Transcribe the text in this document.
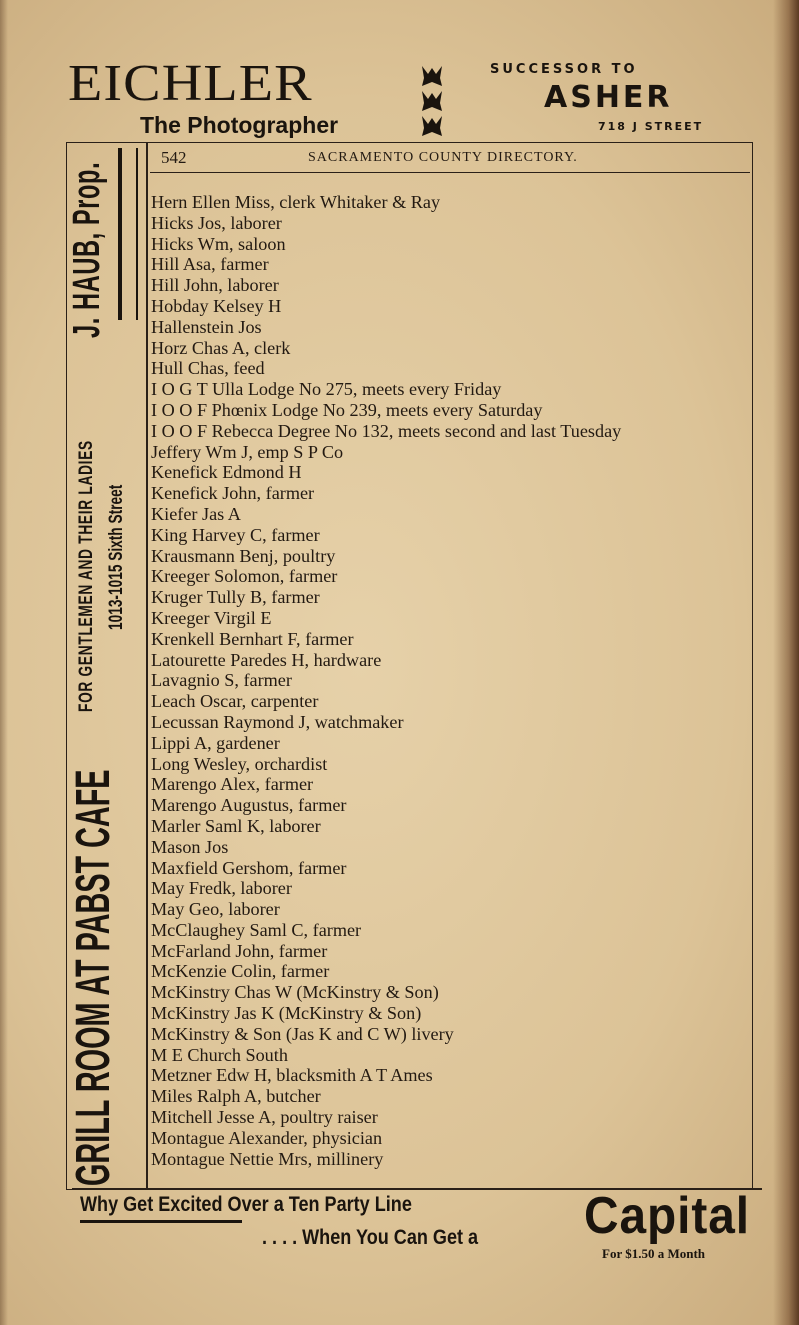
EICHLER
The Photographer
SUCCESSOR TO
ASHER
718 J STREET
542	SACRAMENTO COUNTY DIRECTORY.
J. HAUB, Prop.
FOR GENTLEMEN AND THEIR LADIES 1013-1015 Sixth Street
GRILL ROOM AT PABST CAFE
Hern Ellen Miss, clerk Whitaker & Ray
Hicks Jos, laborer
Hicks Wm, saloon
Hill Asa, farmer
Hill John, laborer
Hobday Kelsey H
Hallenstein Jos
Horz Chas A, clerk
Hull Chas, feed
I O G T Ulla Lodge No 275, meets every Friday
I O O F Phœnix Lodge No 239, meets every Saturday
I O O F Rebecca Degree No 132, meets second and last Tuesday
Jeffery Wm J, emp S P Co
Kenefick Edmond H
Kenefick John, farmer
Kiefer Jas A
King Harvey C, farmer
Krausmann Benj, poultry
Kreeger Solomon, farmer
Kruger Tully B, farmer
Kreeger Virgil E
Krenkell Bernhart F, farmer
Latourette Paredes H, hardware
Lavagnio S, farmer
Leach Oscar, carpenter
Lecussan Raymond J, watchmaker
Lippi A, gardener
Long Wesley, orchardist
Marengo Alex, farmer
Marengo Augustus, farmer
Marler Saml K, laborer
Mason Jos
Maxfield Gershom, farmer
May Fredk, laborer
May Geo, laborer
McClaughey Saml C, farmer
McFarland John, farmer
McKenzie Colin, farmer
McKinstry Chas W (McKinstry & Son)
McKinstry Jas K (McKinstry & Son)
McKinstry & Son (Jas K and C W) livery
M E Church South
Metzner Edw H, blacksmith A T Ames
Miles Ralph A, butcher
Mitchell Jesse A, poultry raiser
Montague Alexander, physician
Montague Nettie Mrs, millinery
Why Get Excited Over a Ten Party Line
. . . . When You Can Get a Capital
For $1.50 a Month
